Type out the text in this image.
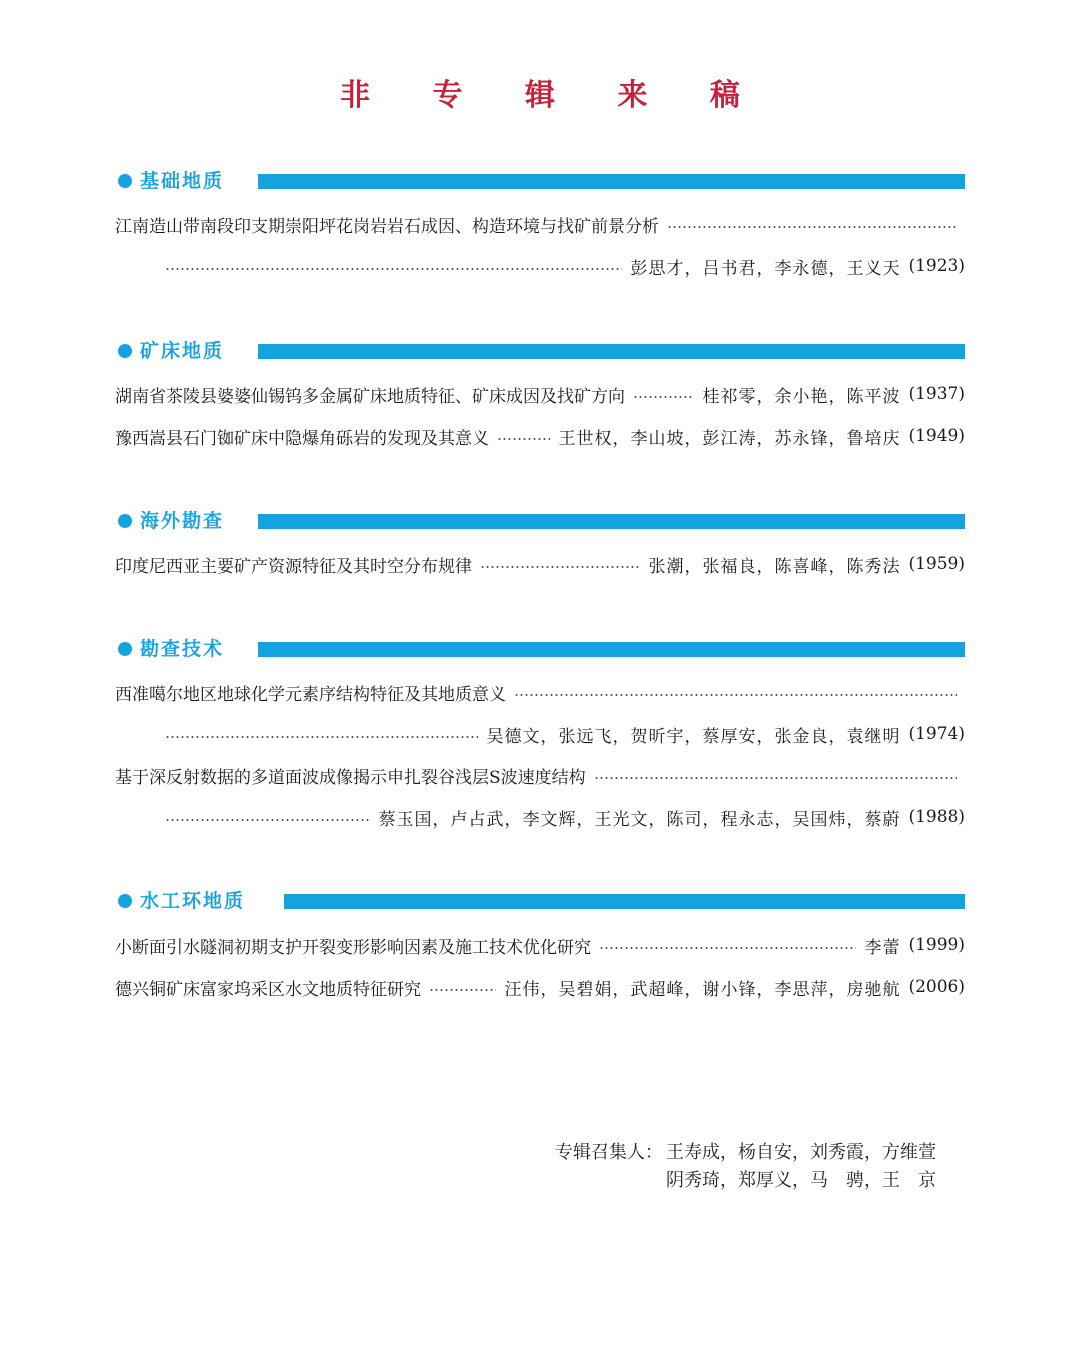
非 专 辑 来 稿
基础地质
江南造山带南段印支期崇阳坪花岗岩岩石成因、构造环境与找矿前景分析
彭思才，吕书君，李永德，王义天 (1923)
矿床地质
湖南省茶陵县婆婆仙锡钨多金属矿床地质特征、矿床成因及找矿方向	桂祁零，余小艳，陈平波 (1937)
豫西嵩县石门铷矿床中隐爆角砾岩的发现及其意义	王世权，李山坡，彭江涛，苏永锋，鲁培庆 (1949)
海外勘查
印度尼西亚主要矿产资源特征及其时空分布规律	张潮，张福良，陈喜峰，陈秀法 (1959)
勘查技术
西准噶尔地区地球化学元素序结构特征及其地质意义
吴德文，张远飞，贺昕宇，蔡厚安，张金良，袁继明 (1974)
基于深反射数据的多道面波成像揭示申扎裂谷浅层S波速度结构
蔡玉国，卢占武，李文辉，王光文，陈司，程永志，吴国炜，蔡蔚 (1988)
水工环地质
小断面引水隧洞初期支护开裂变形影响因素及施工技术优化研究	李蕾 (1999)
德兴铜矿床富家坞采区水文地质特征研究	汪伟，吴碧娟，武超峰，谢小锋，李思萍，房驰航 (2006)
专辑召集人： 王寿成，杨自安，刘秀霞，方维萱
阴秀琦，郑厚义，马　骋，王　京
